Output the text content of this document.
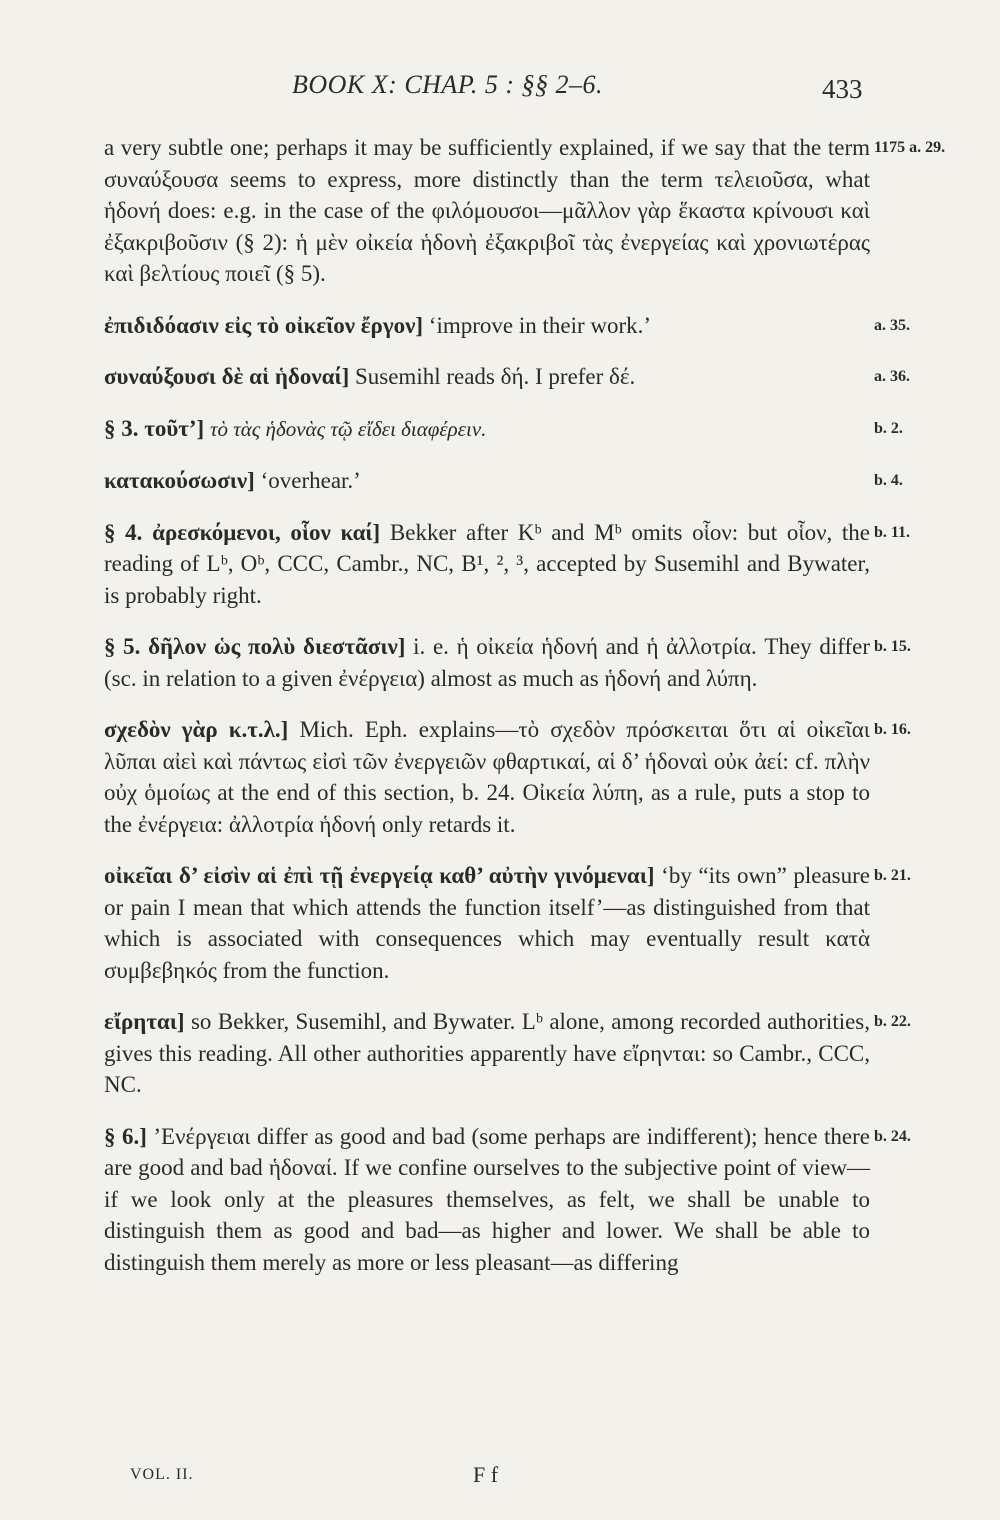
BOOK X: CHAP. 5 : §§ 2–6.	433
1175 a. 29.
a very subtle one; perhaps it may be sufficiently explained, if we say that the term συναύξουσα seems to express, more distinctly than the term τελειοῦσα, what ἡδονή does: e.g. in the case of the φιλόμουσοι—μᾶλλον γὰρ ἕκαστα κρίνουσι καὶ ἐξακριβοῦσιν (§ 2): ἡ μὲν οἰκεία ἡδονὴ ἐξακριβοῖ τὰς ἐνεργείας καὶ χρονιωτέρας καὶ βελτίους ποιεῖ (§ 5).
a. 35.
ἐπιδιδόασιν εἰς τὸ οἰκεῖον ἔργον] ‘improve in their work.’
a. 36.
συναύξουσι δὲ αἱ ἡδοναί] Susemihl reads δή. I prefer δέ.
b. 2.
§ 3. τοῦτ’] τὸ τὰς ἡδονὰς τῷ εἴδει διαφέρειν.
b. 4.
κατακούσωσιν] ‘overhear.’
b. 11.
§ 4. ἀρεσκόμενοι, οἷον καί] Bekker after Kᵇ and Mᵇ omits οἷον: but οἷον, the reading of Lᵇ, Oᵇ, CCC, Cambr., NC, B¹, ², ³, accepted by Susemihl and Bywater, is probably right.
b. 15.
§ 5. δῆλον ὡς πολὺ διεστᾶσιν] i. e. ἡ οἰκεία ἡδονή and ἡ ἀλλοτρία. They differ (sc. in relation to a given ἐνέργεια) almost as much as ἡδονή and λύπη.
b. 16.
σχεδὸν γὰρ κ.τ.λ.] Mich. Eph. explains—τὸ σχεδὸν πρόσκειται ὅτι αἱ οἰκεῖαι λῦπαι αἰεὶ καὶ πάντως εἰσὶ τῶν ἐνεργειῶν φθαρτικαί, αἱ δ’ ἡδοναὶ οὐκ ἀεί: cf. πλὴν οὐχ ὁμοίως at the end of this section, b. 24. Οἰκεία λύπη, as a rule, puts a stop to the ἐνέργεια: ἀλλοτρία ἡδονή only retards it.
b. 21.
οἰκεῖαι δ’ εἰσὶν αἱ ἐπὶ τῇ ἐνεργείᾳ καθ’ αὐτὴν γινόμεναι] ‘by “its own” pleasure or pain I mean that which attends the function itself’—as distinguished from that which is associated with consequences which may eventually result κατὰ συμβεβηκός from the function.
b. 22.
εἴρηται] so Bekker, Susemihl, and Bywater. Lᵇ alone, among recorded authorities, gives this reading. All other authorities apparently have εἴρηνται: so Cambr., CCC, NC.
b. 24.
§ 6.] ’Ενέργειαι differ as good and bad (some perhaps are indifferent); hence there are good and bad ἡδοναί. If we confine ourselves to the subjective point of view—if we look only at the pleasures themselves, as felt, we shall be unable to distinguish them as good and bad—as higher and lower. We shall be able to distinguish them merely as more or less pleasant—as differing
VOL. II.	F f
